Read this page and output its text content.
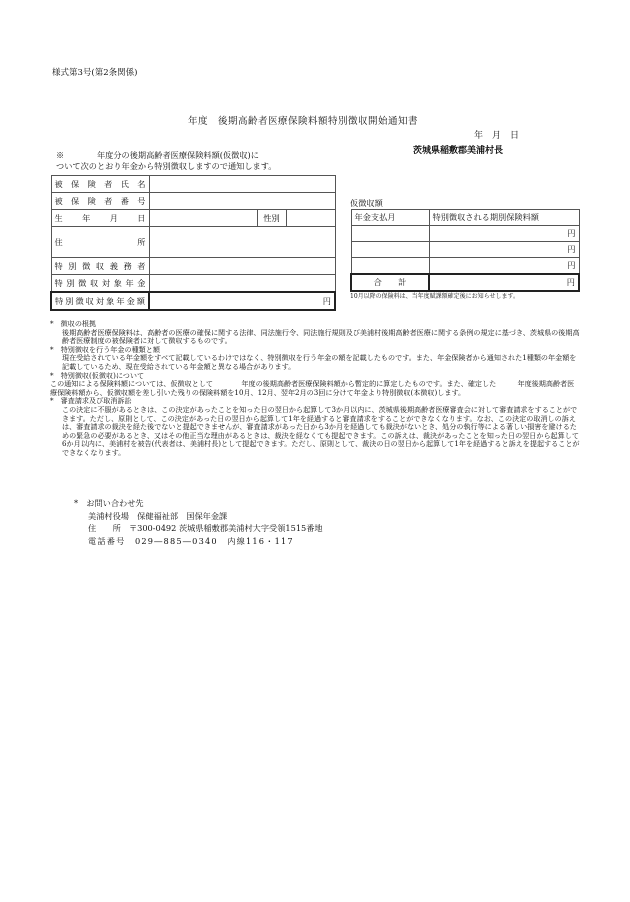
様式第3号(第2条関係)
年度　後期高齢者医療保険料額特別徴収開始通知書
年　月　日
茨城県稲敷郡美浦村長
※　　　　年度分の後期高齢者医療保険料額(仮徴収)に
ついて次のとおり年金から特別徴収しますので通知します。
被保険者氏名			
被保険者番号			
生年月日		性別	
住所			
特別徴収義務者			
特別徴収対象年金			
特別徴収対象年金額	円		
仮徴収額
年金支払月	特別徴収される期別保険料額
	円
	円
	円
合　　計	円
10月以降の保険料は、当年度賦課額確定後にお知らせします。

*　徴収の根拠

後期高齢者医療保険料は、高齢者の医療の確保に関する法律、同法施行令、同法施行規則及び美浦村後期高齢者医療に関する条例の規定に基づき、茨城県の後期高齢者医療制度の被保険者に対して徴収するものです。

*　特別徴収を行う年金の種類と額

現在受給されている年金額をすべて記載しているわけではなく、特別徴収を行う年金の額を記載したものです。また、年金保険者から通知された1種類の年金額を記載しているため、現在受給されている年金額と異なる場合があります。

*　特別徴収(仮徴収)について

この通知による保険料額については、仮徴収として　　　　年度の後期高齢者医療保険料額から暫定的に算定したものです。また、確定した　　　年度後期高齢者医療保険料額から、仮徴収額を差し引いた残りの保険料額を10月、12月、翌年2月の3回に分けて年金より特別徴収(本徴収)します。

*　審査請求及び取消訴訟

この決定に不服があるときは、この決定があったことを知った日の翌日から起算して3か月以内に、茨城県後期高齢者医療審査会に対して審査請求をすることができます。ただし、原則として、この決定があった日の翌日から起算して1年を経過すると審査請求をすることができなくなります。なお、この決定の取消しの訴えは、審査請求の裁決を経た後でないと提起できませんが、審査請求があった日から3か月を経過しても裁決がないとき、処分の執行等による著しい損害を避けるための緊急の必要があるとき、又はその他正当な理由があるときは、裁決を経なくても提起できます。この訴えは、裁決があったことを知った日の翌日から起算して6か月以内に、美浦村を被告(代表者は、美浦村長)として提起できます。ただし、原則として、裁決の日の翌日から起算して1年を経過すると訴えを提起することができなくなります。

*　お問い合わせ先

美浦村役場　保健福祉部　国保年金課

住　　所　〒300-0492 茨城県稲敷郡美浦村大字受領1515番地

電話番号　029―885―0340　内線116・117
